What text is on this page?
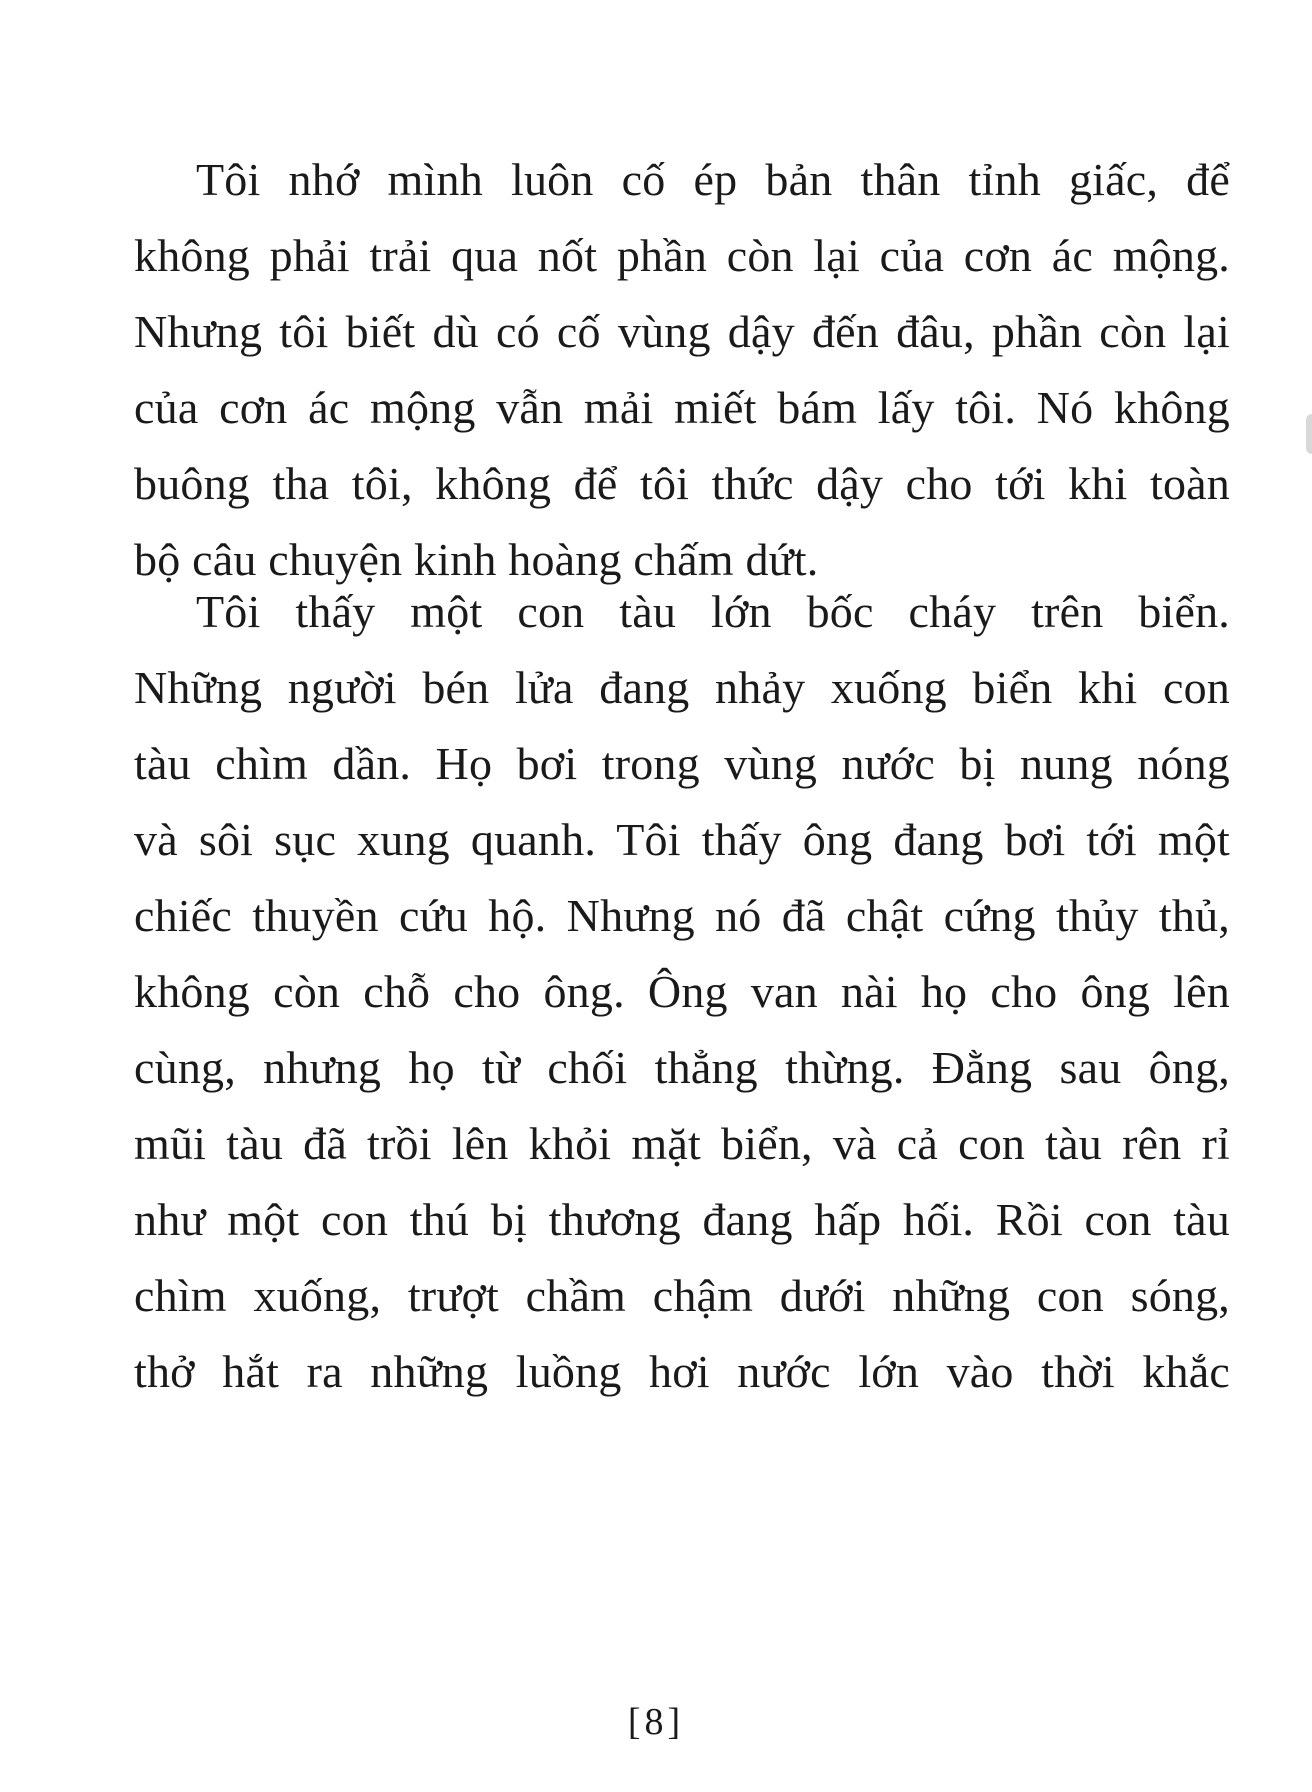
Tôi nhớ mình luôn cố ép bản thân tỉnh giấc, để
không phải trải qua nốt phần còn lại của cơn ác mộng.
Nhưng tôi biết dù có cố vùng dậy đến đâu, phần còn lại
của cơn ác mộng vẫn mải miết bám lấy tôi. Nó không
buông tha tôi, không để tôi thức dậy cho tới khi toàn
bộ câu chuyện kinh hoàng chấm dứt.
Tôi thấy một con tàu lớn bốc cháy trên biển.
Những người bén lửa đang nhảy xuống biển khi con
tàu chìm dần. Họ bơi trong vùng nước bị nung nóng
và sôi sục xung quanh. Tôi thấy ông đang bơi tới một
chiếc thuyền cứu hộ. Nhưng nó đã chật cứng thủy thủ,
không còn chỗ cho ông. Ông van nài họ cho ông lên
cùng, nhưng họ từ chối thẳng thừng. Đằng sau ông,
mũi tàu đã trồi lên khỏi mặt biển, và cả con tàu rên rỉ
như một con thú bị thương đang hấp hối. Rồi con tàu
chìm xuống, trượt chầm chậm dưới những con sóng,
thở hắt ra những luồng hơi nước lớn vào thời khắc
[8]
